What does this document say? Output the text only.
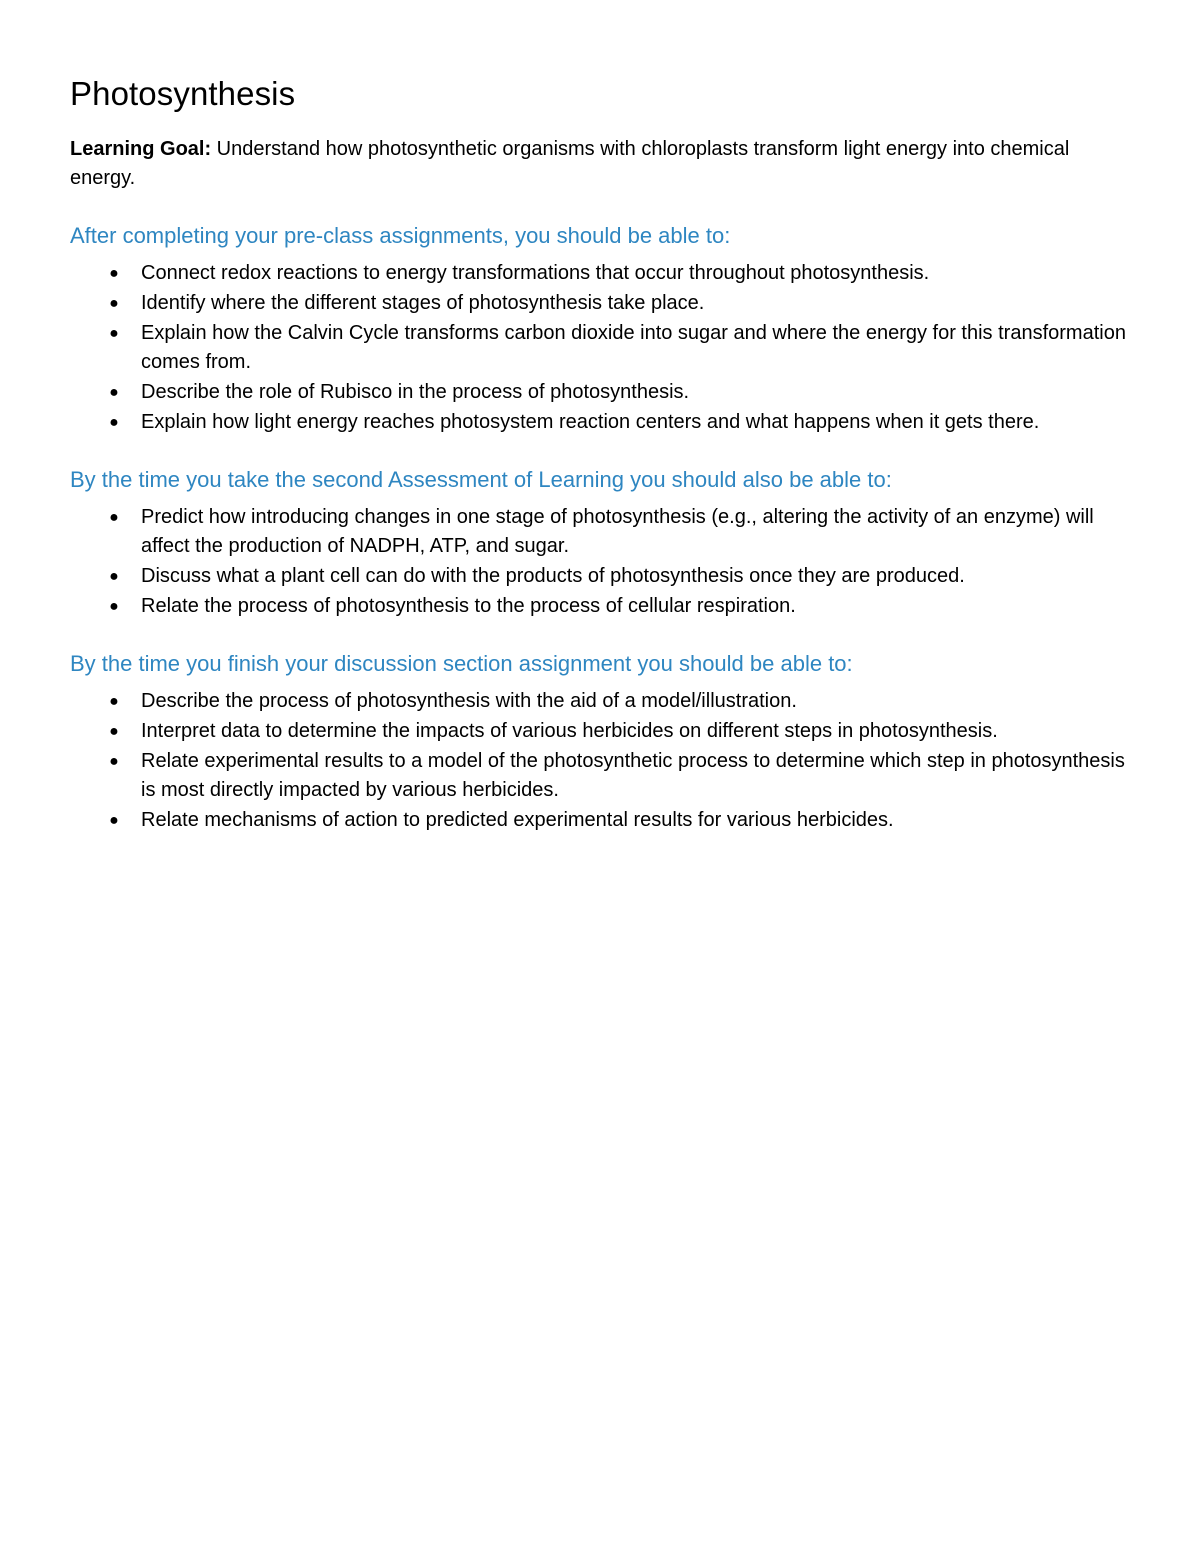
Photosynthesis

Learning Goal: Understand how photosynthetic organisms with chloroplasts transform light energy into chemical energy.

After completing your pre-class assignments, you should be able to:
● Connect redox reactions to energy transformations that occur throughout photosynthesis.
● Identify where the different stages of photosynthesis take place.
● Explain how the Calvin Cycle transforms carbon dioxide into sugar and where the energy for this transformation comes from.
● Describe the role of Rubisco in the process of photosynthesis.
● Explain how light energy reaches photosystem reaction centers and what happens when it gets there.
By the time you take the second Assessment of Learning you should also be able to:
● Predict how introducing changes in one stage of photosynthesis (e.g., altering the activity of an enzyme) will affect the production of NADPH, ATP, and sugar.
● Discuss what a plant cell can do with the products of photosynthesis once they are produced.
● Relate the process of photosynthesis to the process of cellular respiration.
By the time you finish your discussion section assignment you should be able to:
● Describe the process of photosynthesis with the aid of a model/illustration.
● Interpret data to determine the impacts of various herbicides on different steps in photosynthesis.
● Relate experimental results to a model of the photosynthetic process to determine which step in photosynthesis is most directly impacted by various herbicides.
● Relate mechanisms of action to predicted experimental results for various herbicides.
